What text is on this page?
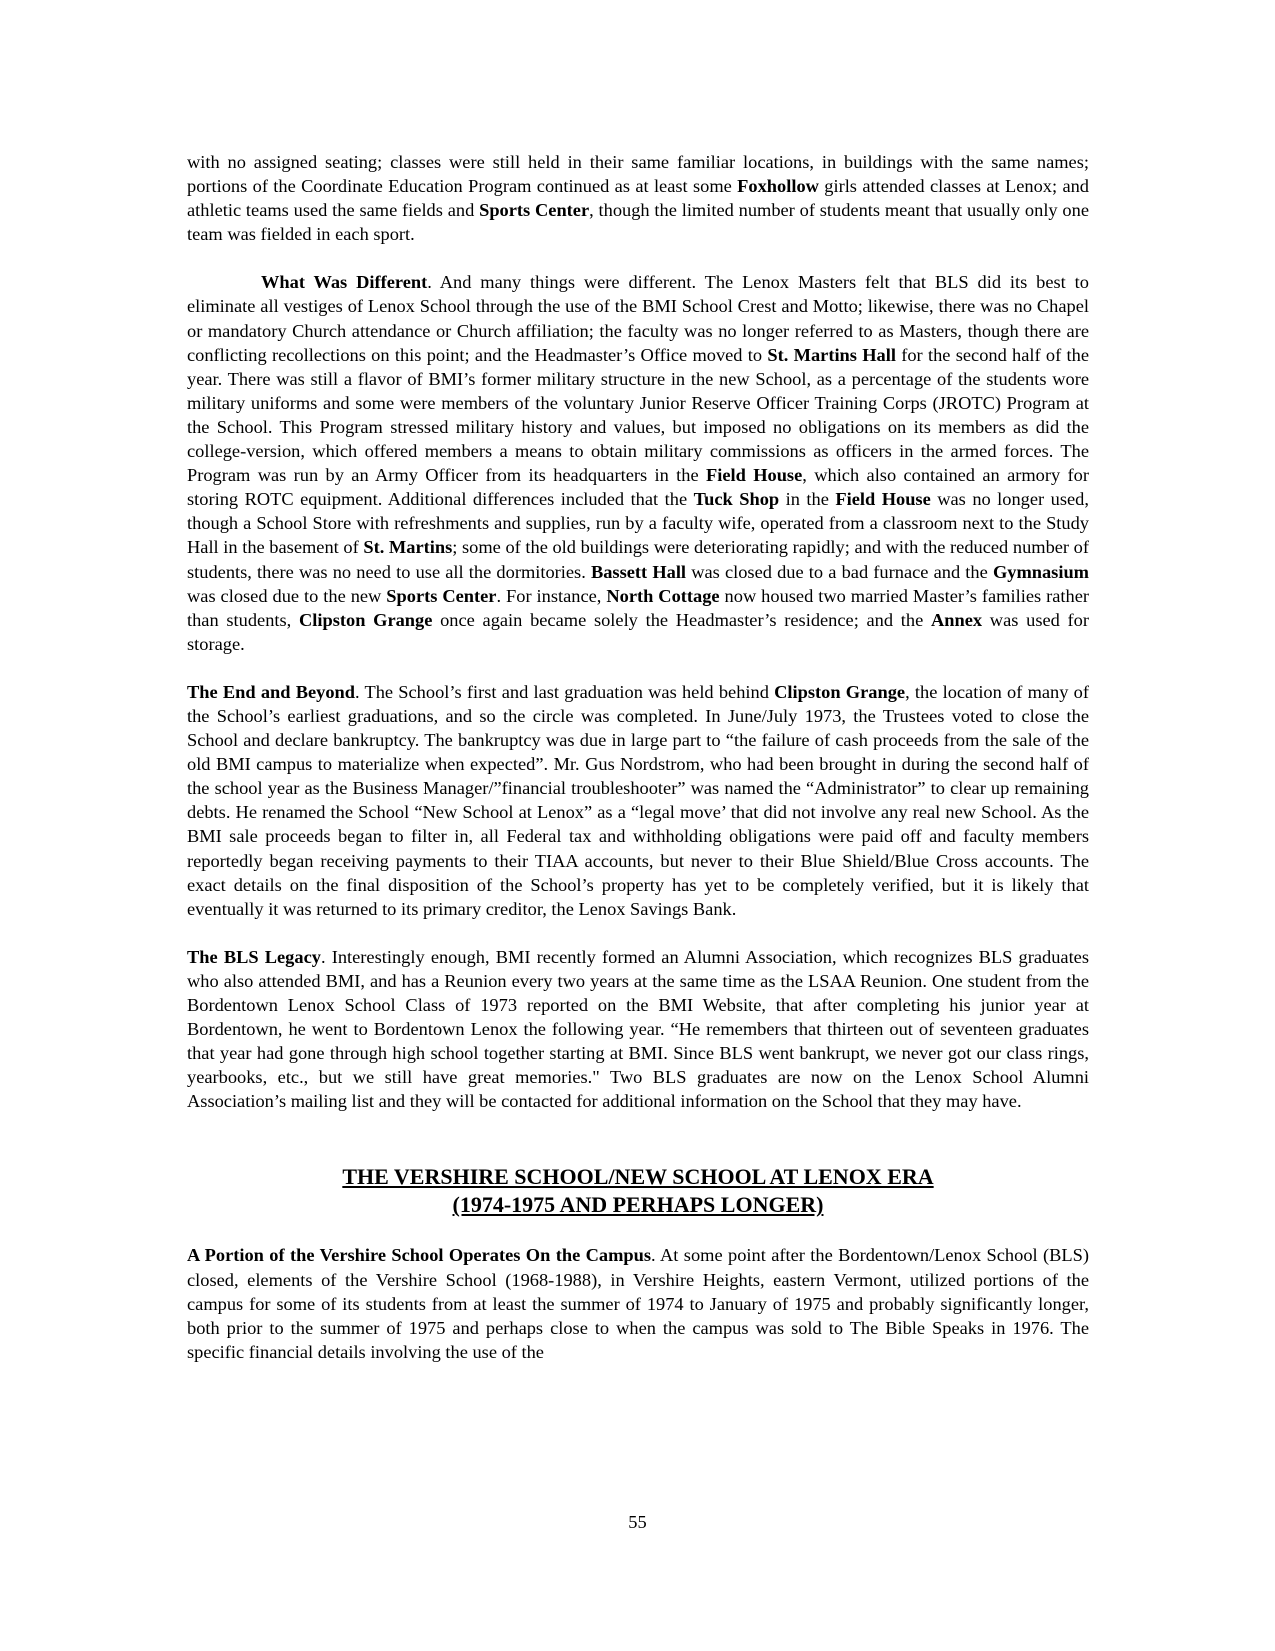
with no assigned seating; classes were still held in their same familiar locations, in buildings with the same names; portions of the Coordinate Education Program continued as at least some Foxhollow girls attended classes at Lenox; and athletic teams used the same fields and Sports Center, though the limited number of students meant that usually only one team was fielded in each sport.

What Was Different. And many things were different. The Lenox Masters felt that BLS did its best to eliminate all vestiges of Lenox School through the use of the BMI School Crest and Motto; likewise, there was no Chapel or mandatory Church attendance or Church affiliation; the faculty was no longer referred to as Masters, though there are conflicting recollections on this point; and the Headmaster’s Office moved to St. Martins Hall for the second half of the year. There was still a flavor of BMI’s former military structure in the new School, as a percentage of the students wore military uniforms and some were members of the voluntary Junior Reserve Officer Training Corps (JROTC) Program at the School. This Program stressed military history and values, but imposed no obligations on its members as did the college-version, which offered members a means to obtain military commissions as officers in the armed forces. The Program was run by an Army Officer from its headquarters in the Field House, which also contained an armory for storing ROTC equipment. Additional differences included that the Tuck Shop in the Field House was no longer used, though a School Store with refreshments and supplies, run by a faculty wife, operated from a classroom next to the Study Hall in the basement of St. Martins; some of the old buildings were deteriorating rapidly; and with the reduced number of students, there was no need to use all the dormitories. Bassett Hall was closed due to a bad furnace and the Gymnasium was closed due to the new Sports Center. For instance, North Cottage now housed two married Master’s families rather than students, Clipston Grange once again became solely the Headmaster’s residence; and the Annex was used for storage.

The End and Beyond. The School’s first and last graduation was held behind Clipston Grange, the location of many of the School’s earliest graduations, and so the circle was completed. In June/July 1973, the Trustees voted to close the School and declare bankruptcy. The bankruptcy was due in large part to “the failure of cash proceeds from the sale of the old BMI campus to materialize when expected”. Mr. Gus Nordstrom, who had been brought in during the second half of the school year as the Business Manager/”financial troubleshooter” was named the “Administrator” to clear up remaining debts. He renamed the School “New School at Lenox” as a “legal move’ that did not involve any real new School. As the BMI sale proceeds began to filter in, all Federal tax and withholding obligations were paid off and faculty members reportedly began receiving payments to their TIAA accounts, but never to their Blue Shield/Blue Cross accounts. The exact details on the final disposition of the School’s property has yet to be completely verified, but it is likely that eventually it was returned to its primary creditor, the Lenox Savings Bank.

The BLS Legacy. Interestingly enough, BMI recently formed an Alumni Association, which recognizes BLS graduates who also attended BMI, and has a Reunion every two years at the same time as the LSAA Reunion. One student from the Bordentown Lenox School Class of 1973 reported on the BMI Website, that after completing his junior year at Bordentown, he went to Bordentown Lenox the following year. “He remembers that thirteen out of seventeen graduates that year had gone through high school together starting at BMI. Since BLS went bankrupt, we never got our class rings, yearbooks, etc., but we still have great memories." Two BLS graduates are now on the Lenox School Alumni Association’s mailing list and they will be contacted for additional information on the School that they may have.

THE VERSHIRE SCHOOL/NEW SCHOOL AT LENOX ERA
(1974-1975 AND PERHAPS LONGER)

A Portion of the Vershire School Operates On the Campus. At some point after the Bordentown/Lenox School (BLS) closed, elements of the Vershire School (1968-1988), in Vershire Heights, eastern Vermont, utilized portions of the campus for some of its students from at least the summer of 1974 to January of 1975 and probably significantly longer, both prior to the summer of 1975 and perhaps close to when the campus was sold to The Bible Speaks in 1976. The specific financial details involving the use of the

55
